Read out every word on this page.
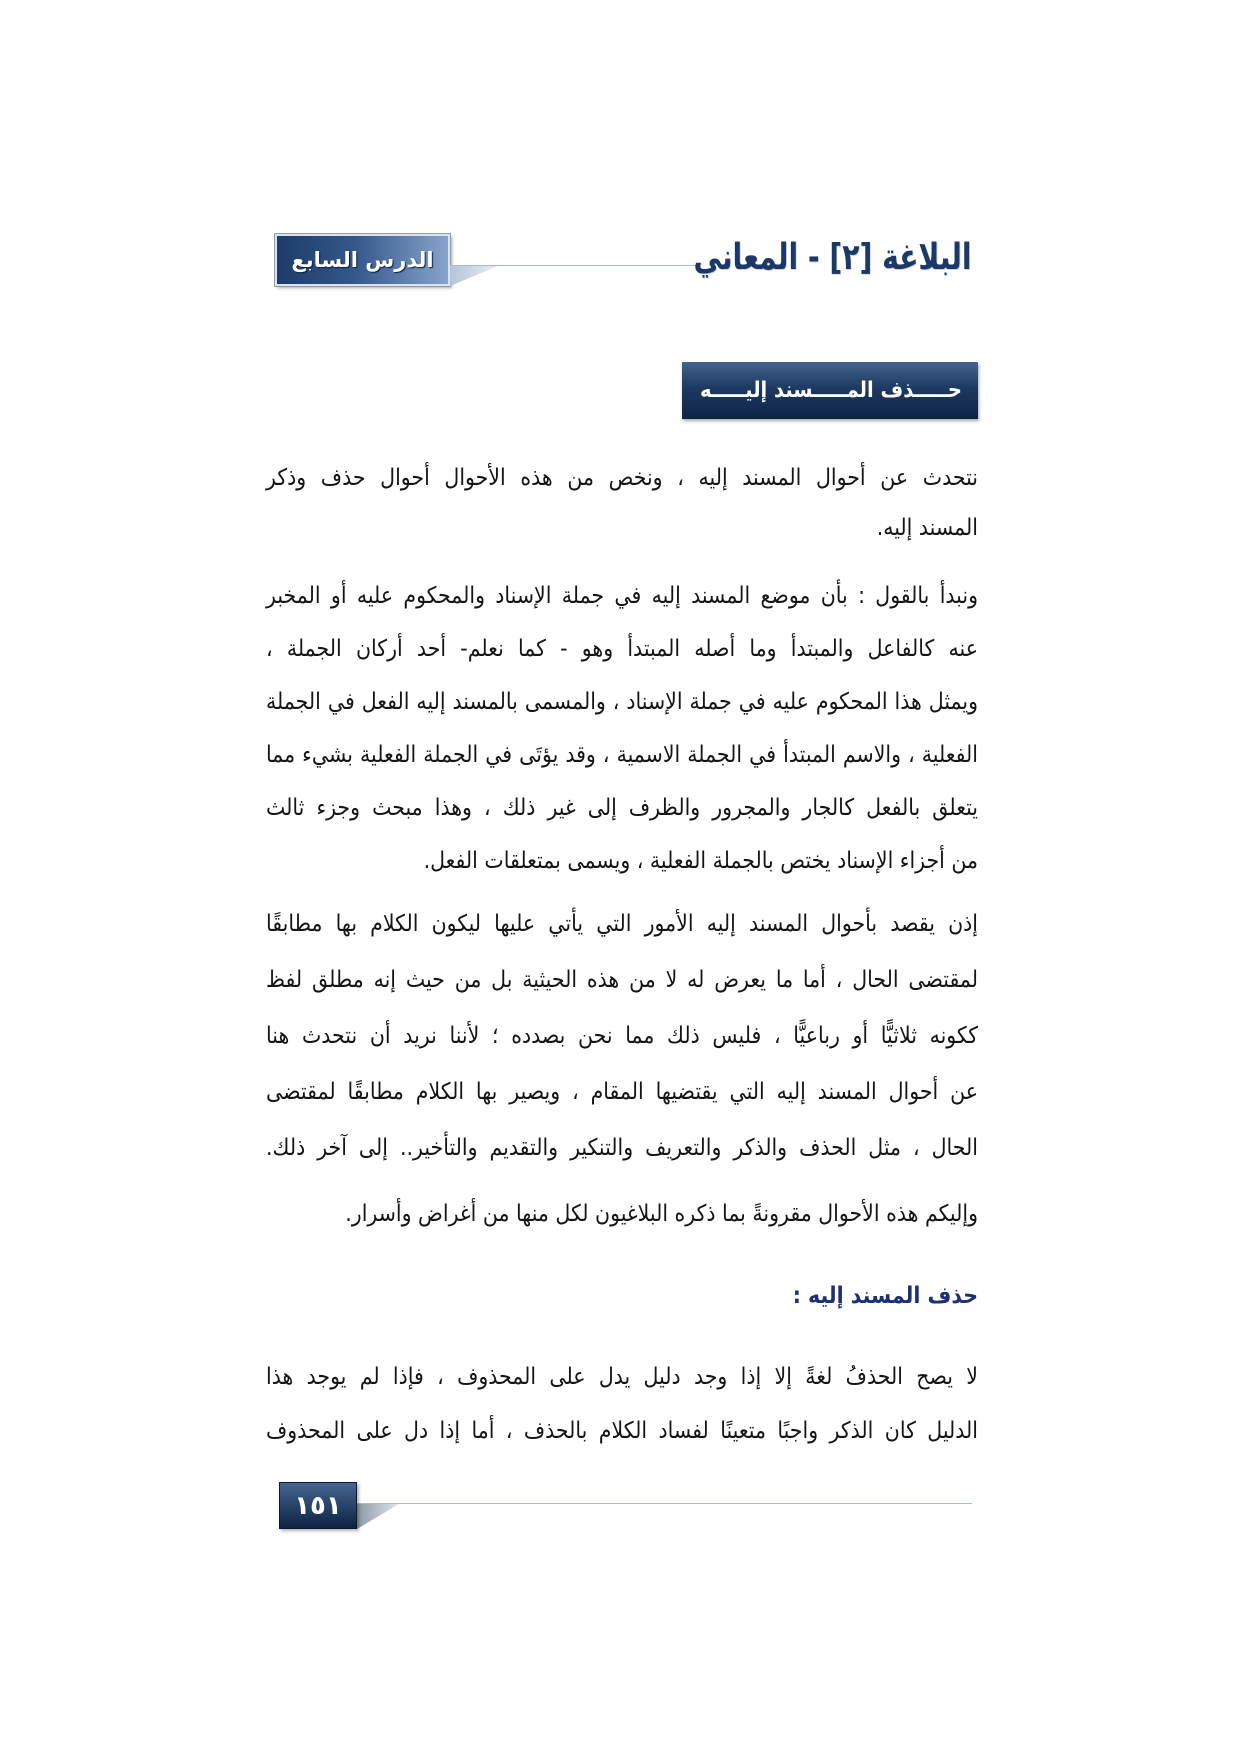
الدرس السابع	البلاغة [٢] - المعاني
حـــــذف المـــــسند إليـــــه
نتحدث عن أحوال المسند إليه ، ونخص من هذه الأحوال أحوال حذف وذكر
المسند إليه.
ونبدأ بالقول : بأن موضع المسند إليه في جملة الإسناد والمحكوم عليه أو المخبر
عنه كالفاعل والمبتدأ وما أصله المبتدأ وهو - كما نعلم- أحد أركان الجملة ،
ويمثل هذا المحكوم عليه في جملة الإسناد ، والمسمى بالمسند إليه الفعل في الجملة
الفعلية ، والاسم المبتدأ في الجملة الاسمية ، وقد يؤتَى في الجملة الفعلية بشيء مما
يتعلق بالفعل كالجار والمجرور والظرف إلى غير ذلك ، وهذا مبحث وجزء ثالث
من أجزاء الإسناد يختص بالجملة الفعلية ، ويسمى بمتعلقات الفعل.
إذن يقصد بأحوال المسند إليه الأمور التي يأتي عليها ليكون الكلام بها مطابقًا
لمقتضى الحال ، أما ما يعرض له لا من هذه الحيثية بل من حيث إنه مطلق لفظ
ككونه ثلاثيًّا أو رباعيًّا ، فليس ذلك مما نحن بصدده ؛ لأننا نريد أن نتحدث هنا
عن أحوال المسند إليه التي يقتضيها المقام ، ويصير بها الكلام مطابقًا لمقتضى
الحال ، مثل الحذف والذكر والتعريف والتنكير والتقديم والتأخير.. إلى آخر ذلك.
وإليكم هذه الأحوال مقرونةً بما ذكره البلاغيون لكل منها من أغراض وأسرار.
حذف المسند إليه :
لا يصح الحذفُ لغةً إلا إذا وجد دليل يدل على المحذوف ، فإذا لم يوجد هذا
الدليل كان الذكر واجبًا متعينًا لفساد الكلام بالحذف ، أما إذا دل على المحذوف
١٥١
